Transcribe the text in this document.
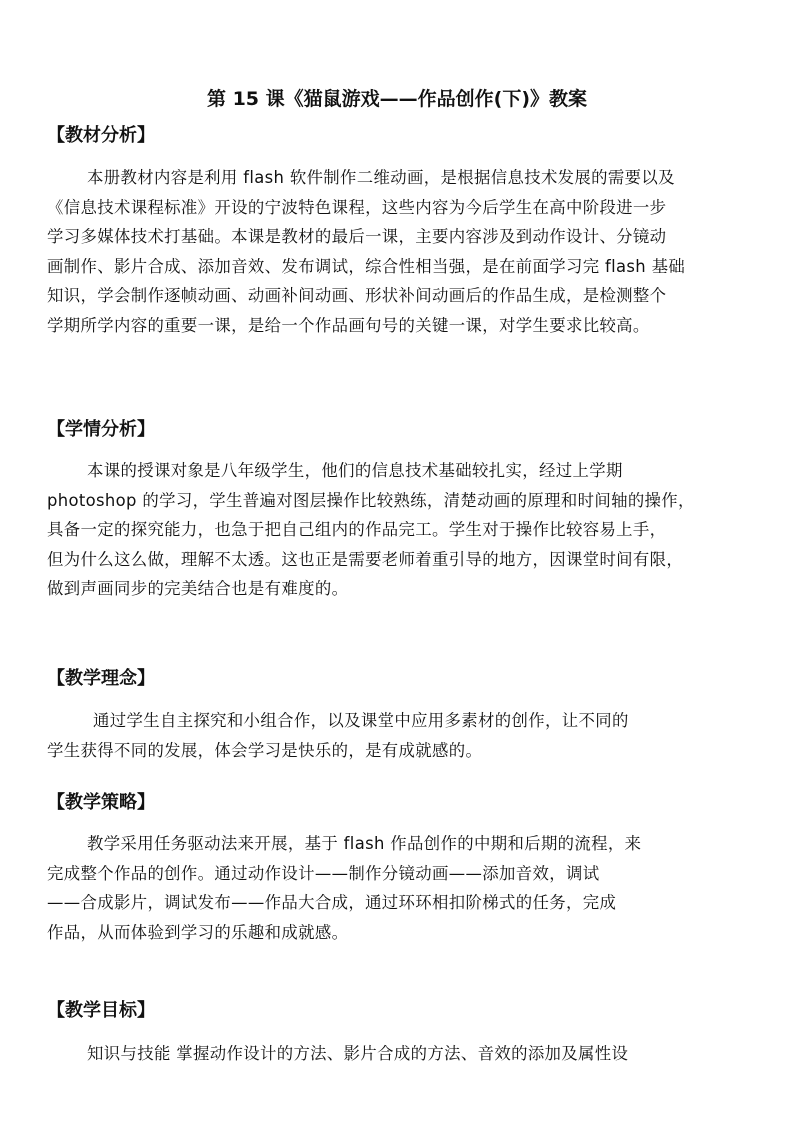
第 15 课《猫鼠游戏——作品创作(下)》教案
【教材分析】
本册教材内容是利用 flash 软件制作二维动画，是根据信息技术发展的需要以及
《信息技术课程标准》开设的宁波特色课程，这些内容为今后学生在高中阶段进一步
学习多媒体技术打基础。本课是教材的最后一课，主要内容涉及到动作设计、分镜动
画制作、影片合成、添加音效、发布调试，综合性相当强，是在前面学习完 flash 基础
知识，学会制作逐帧动画、动画补间动画、形状补间动画后的作品生成，是检测整个
学期所学内容的重要一课，是给一个作品画句号的关键一课，对学生要求比较高。
【学情分析】
本课的授课对象是八年级学生，他们的信息技术基础较扎实，经过上学期
photoshop 的学习，学生普遍对图层操作比较熟练，清楚动画的原理和时间轴的操作，
具备一定的探究能力，也急于把自己组内的作品完工。学生对于操作比较容易上手，
但为什么这么做，理解不太透。这也正是需要老师着重引导的地方，因课堂时间有限，
做到声画同步的完美结合也是有难度的。
【教学理念】
通过学生自主探究和小组合作，以及课堂中应用多素材的创作，让不同的
学生获得不同的发展，体会学习是快乐的，是有成就感的。
【教学策略】
教学采用任务驱动法来开展，基于 flash 作品创作的中期和后期的流程，来
完成整个作品的创作。通过动作设计——制作分镜动画——添加音效，调试
——合成影片，调试发布——作品大合成，通过环环相扣阶梯式的任务，完成
作品，从而体验到学习的乐趣和成就感。
【教学目标】
知识与技能 掌握动作设计的方法、影片合成的方法、音效的添加及属性设
